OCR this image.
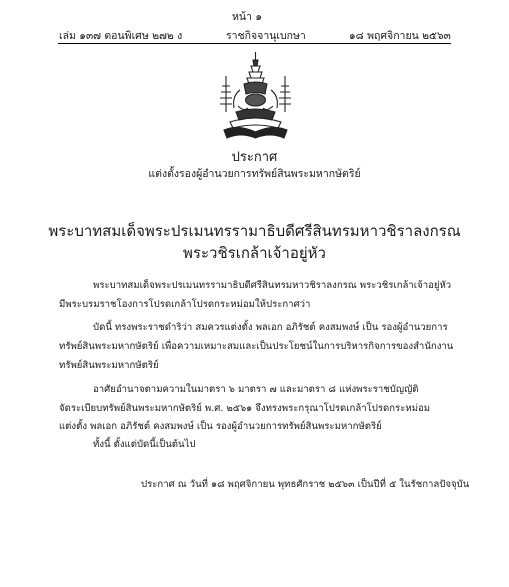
หน้า ๑
เล่ม ๑๓๗ ตอนพิเศษ ๒๗๒ ง	ราชกิจจานุเบกษา	๑๘ พฤศจิกายน ๒๕๖๓
ประกาศ
แต่งตั้งรองผู้อำนวยการทรัพย์สินพระมหากษัตริย์
พระบาทสมเด็จพระปรเมนทรรามาธิบดีศรีสินทรมหาวชิราลงกรณ
พระวชิรเกล้าเจ้าอยู่หัว
พระบาทสมเด็จพระปรเมนทรรามาธิบดีศรีสินทรมหาวชิราลงกรณ พระวชิรเกล้าเจ้าอยู่หัว
มีพระบรมราชโองการโปรดเกล้าโปรดกระหม่อมให้ประกาศว่า
บัดนี้ ทรงพระราชดำริว่า สมควรแต่งตั้ง พลเอก อภิรัชต์ คงสมพงษ์ เป็น รองผู้อำนวยการ
ทรัพย์สินพระมหากษัตริย์ เพื่อความเหมาะสมและเป็นประโยชน์ในการบริหารกิจการของสำนักงาน
ทรัพย์สินพระมหากษัตริย์
อาศัยอำนาจตามความในมาตรา ๖ มาตรา ๗ และมาตรา ๘ แห่งพระราชบัญญัติ
จัดระเบียบทรัพย์สินพระมหากษัตริย์ พ.ศ. ๒๕๖๑ จึงทรงพระกรุณาโปรดเกล้าโปรดกระหม่อม
แต่งตั้ง พลเอก อภิรัชต์ คงสมพงษ์ เป็น รองผู้อำนวยการทรัพย์สินพระมหากษัตริย์
ทั้งนี้ ตั้งแต่บัดนี้เป็นต้นไป
ประกาศ ณ วันที่ ๑๘ พฤศจิกายน พุทธศักราช ๒๕๖๓ เป็นปีที่ ๕ ในรัชกาลปัจจุบัน
